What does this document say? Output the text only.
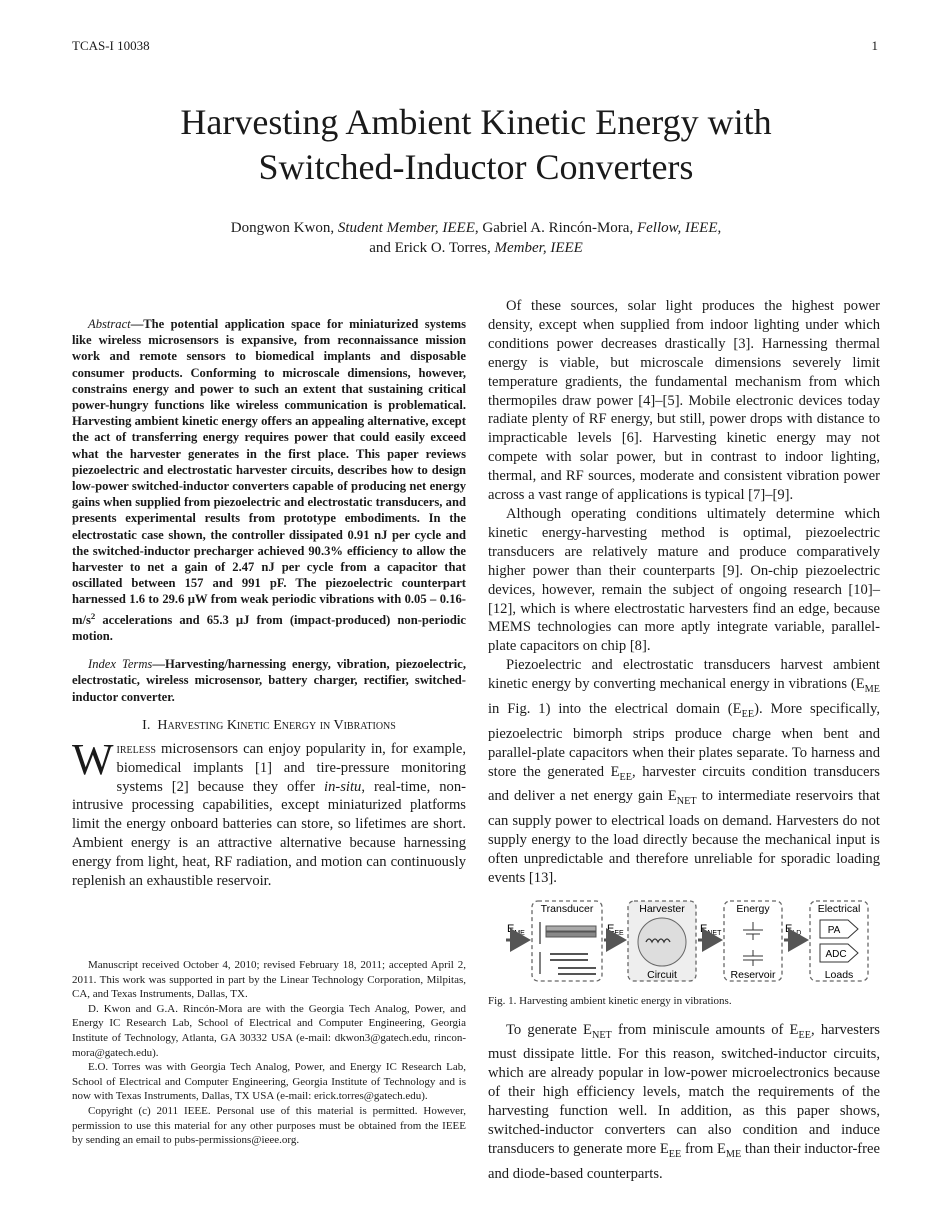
TCAS-I 10038	1
Harvesting Ambient Kinetic Energy with
Switched-Inductor Converters
Dongwon Kwon, Student Member, IEEE, Gabriel A. Rincón-Mora, Fellow, IEEE,
and Erick O. Torres, Member, IEEE

Abstract—The potential application space for miniaturized systems like wireless microsensors is expansive, from reconnaissance mission work and remote sensors to biomedical implants and disposable consumer products. Conforming to microscale dimensions, however, constrains energy and power to such an extent that sustaining critical power-hungry functions like wireless communication is problematical. Harvesting ambient kinetic energy offers an appealing alternative, except the act of transferring energy requires power that could easily exceed what the harvester generates in the first place. This paper reviews piezoelectric and electrostatic harvester circuits, describes how to design low-power switched-inductor converters capable of producing net energy gains when supplied from piezoelectric and electrostatic transducers, and presents experimental results from prototype embodiments. In the electrostatic case shown, the controller dissipated 0.91 nJ per cycle and the switched-inductor precharger achieved 90.3% efficiency to allow the harvester to net a gain of 2.47 nJ per cycle from a capacitor that oscillated between 157 and 991 pF. The piezoelectric counterpart harnessed 1.6 to 29.6 µW from weak periodic vibrations with $0.05 - 0.16-m/s^2$ accelerations and 65.3 µJ from (impact-produced) non-periodic motion.

Index Terms—Harvesting/harnessing energy, vibration, piezoelectric, electrostatic, wireless microsensor, battery charger, rectifier, switched-inductor converter.

I. Harvesting Kinetic Energy in Vibrations

Wireless microsensors can enjoy popularity in, for example, biomedical implants [1] and tire-pressure monitoring systems [2] because they offer in-situ, real-time, non-intrusive processing capabilities, except miniaturized platforms limit the energy onboard batteries can store, so lifetimes are short. Ambient energy is an attractive alternative because harnessing energy from light, heat, RF radiation, and motion can continuously replenish an exhaustible reservoir.

Manuscript received October 4, 2010; revised February 18, 2011; accepted April 2, 2011. This work was supported in part by the Linear Technology Corporation, Milpitas, CA, and Texas Instruments, Dallas, TX.

D. Kwon and G.A. Rincón-Mora are with the Georgia Tech Analog, Power, and Energy IC Research Lab, School of Electrical and Computer Engineering, Georgia Institute of Technology, Atlanta, GA 30332 USA (e-mail: dkwon3@gatech.edu, rincon-mora@gatech.edu).

E.O. Torres was with Georgia Tech Analog, Power, and Energy IC Research Lab, School of Electrical and Computer Engineering, Georgia Institute of Technology and is now with Texas Instruments, Dallas, TX USA (e-mail: erick.torres@gatech.edu).

Copyright (c) 2011 IEEE. Personal use of this material is permitted. However, permission to use this material for any other purposes must be obtained from the IEEE by sending an email to pubs-permissions@ieee.org.

Of these sources, solar light produces the highest power density, except when supplied from indoor lighting under which conditions power decreases drastically [3]. Harnessing thermal energy is viable, but microscale dimensions severely limit temperature gradients, the fundamental mechanism from which thermopiles draw power [4]–[5]. Mobile electronic devices today radiate plenty of RF energy, but still, power drops with distance to impracticable levels [6]. Harvesting kinetic energy may not compete with solar power, but in contrast to indoor lighting, thermal, and RF sources, moderate and consistent vibration power across a vast range of applications is typical [7]–[9].

Although operating conditions ultimately determine which kinetic energy-harvesting method is optimal, piezoelectric transducers are relatively mature and produce comparatively higher power than their counterparts [9]. On-chip piezoelectric devices, however, remain the subject of ongoing research [10]–[12], which is where electrostatic harvesters find an edge, because MEMS technologies can more aptly integrate variable, parallel-plate capacitors on chip [8].

Piezoelectric and electrostatic transducers harvest ambient kinetic energy by converting mechanical energy in vibrations ($E_{ME}$ in Fig. 1) into the electrical domain $(E_{EE})$. More specifically, piezoelectric bimorph strips produce charge when bent and parallel-plate capacitors when their plates separate. To harness and store the generated $E_{EE}$, harvester circuits condition transducers and deliver a net energy gain $E_{NET}$ to intermediate reservoirs that can supply power to electrical loads on demand. Harvesters do not supply energy to the load directly because the mechanical input is often unpredictable and therefore unreliable for sporadic loading events [13].

$E_{ME}$
Transducer
$E_{EE}$
Harvester
Circuit
$E_{NET}$
Energy
Reservoir
$E_{LD}$
Electrical
PA
ADC
Loads
Fig. 1. Harvesting ambient kinetic energy in vibrations.

To generate $E_{NET}$ from miniscule amounts of $E_{EE}$, harvesters must dissipate little. For this reason, switched-inductor circuits, which are already popular in low-power microelectronics because of their high efficiency levels, match the requirements of the harvesting function well. In addition, as this paper shows, switched-inductor converters can also condition and induce transducers to generate more $E_{EE}$ from $E_{ME}$ than their inductor-free and diode-based counterparts.
